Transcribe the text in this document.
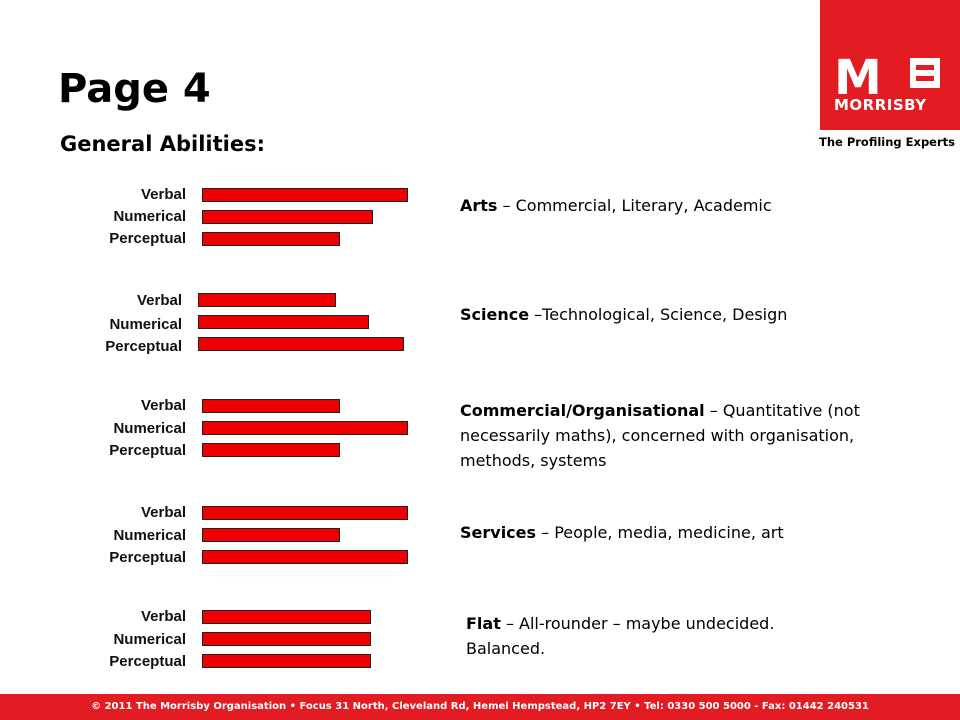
Page 4
General Abilities:
M
MORRISBY
The Profiling Experts
Verbal
Numerical
Perceptual
Verbal
Numerical
Perceptual
Verbal
Numerical
Perceptual
Verbal
Numerical
Perceptual
Verbal
Numerical
Perceptual
Arts – Commercial, Literary, Academic
Science –Technological, Science, Design
Commercial/Organisational – Quantitative (not necessarily maths), concerned with organisation, methods, systems
Services – People, media, medicine, art
Flat – All-rounder – maybe undecided. Balanced.
© 2011 The Morrisby Organisation • Focus 31 North, Cleveland Rd, Hemel Hempstead, HP2 7EY • Tel: 0330 500 5000 - Fax: 01442 240531
